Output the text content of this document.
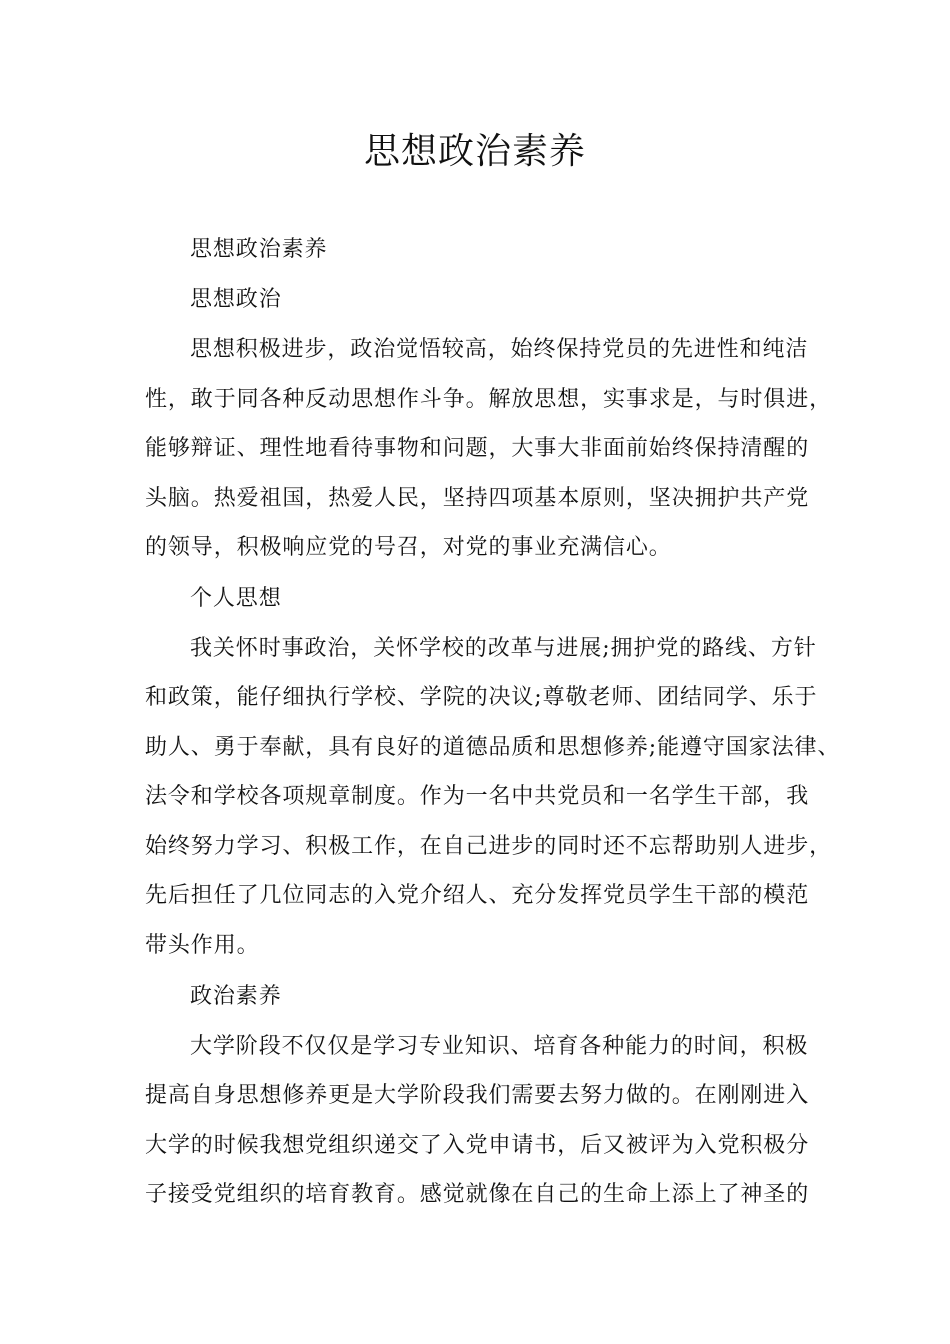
思想政治素养
思想政治素养
思想政治
思想积极进步，政治觉悟较高，始终保持党员的先进性和纯洁
性，敢于同各种反动思想作斗争。解放思想，实事求是，与时俱进，
能够辩证、理性地看待事物和问题，大事大非面前始终保持清醒的
头脑。热爱祖国，热爱人民，坚持四项基本原则，坚决拥护共产党
的领导，积极响应党的号召，对党的事业充满信心。
个人思想
我关怀时事政治，关怀学校的改革与进展;拥护党的路线、方针
和政策，能仔细执行学校、学院的决议;尊敬老师、团结同学、乐于
助人、勇于奉献，具有良好的道德品质和思想修养;能遵守国家法律、
法令和学校各项规章制度。作为一名中共党员和一名学生干部，我
始终努力学习、积极工作，在自己进步的同时还不忘帮助别人进步，
先后担任了几位同志的入党介绍人、充分发挥党员学生干部的模范
带头作用。
政治素养
大学阶段不仅仅是学习专业知识、培育各种能力的时间，积极
提高自身思想修养更是大学阶段我们需要去努力做的。在刚刚进入
大学的时候我想党组织递交了入党申请书，后又被评为入党积极分
子接受党组织的培育教育。感觉就像在自己的生命上添上了神圣的
